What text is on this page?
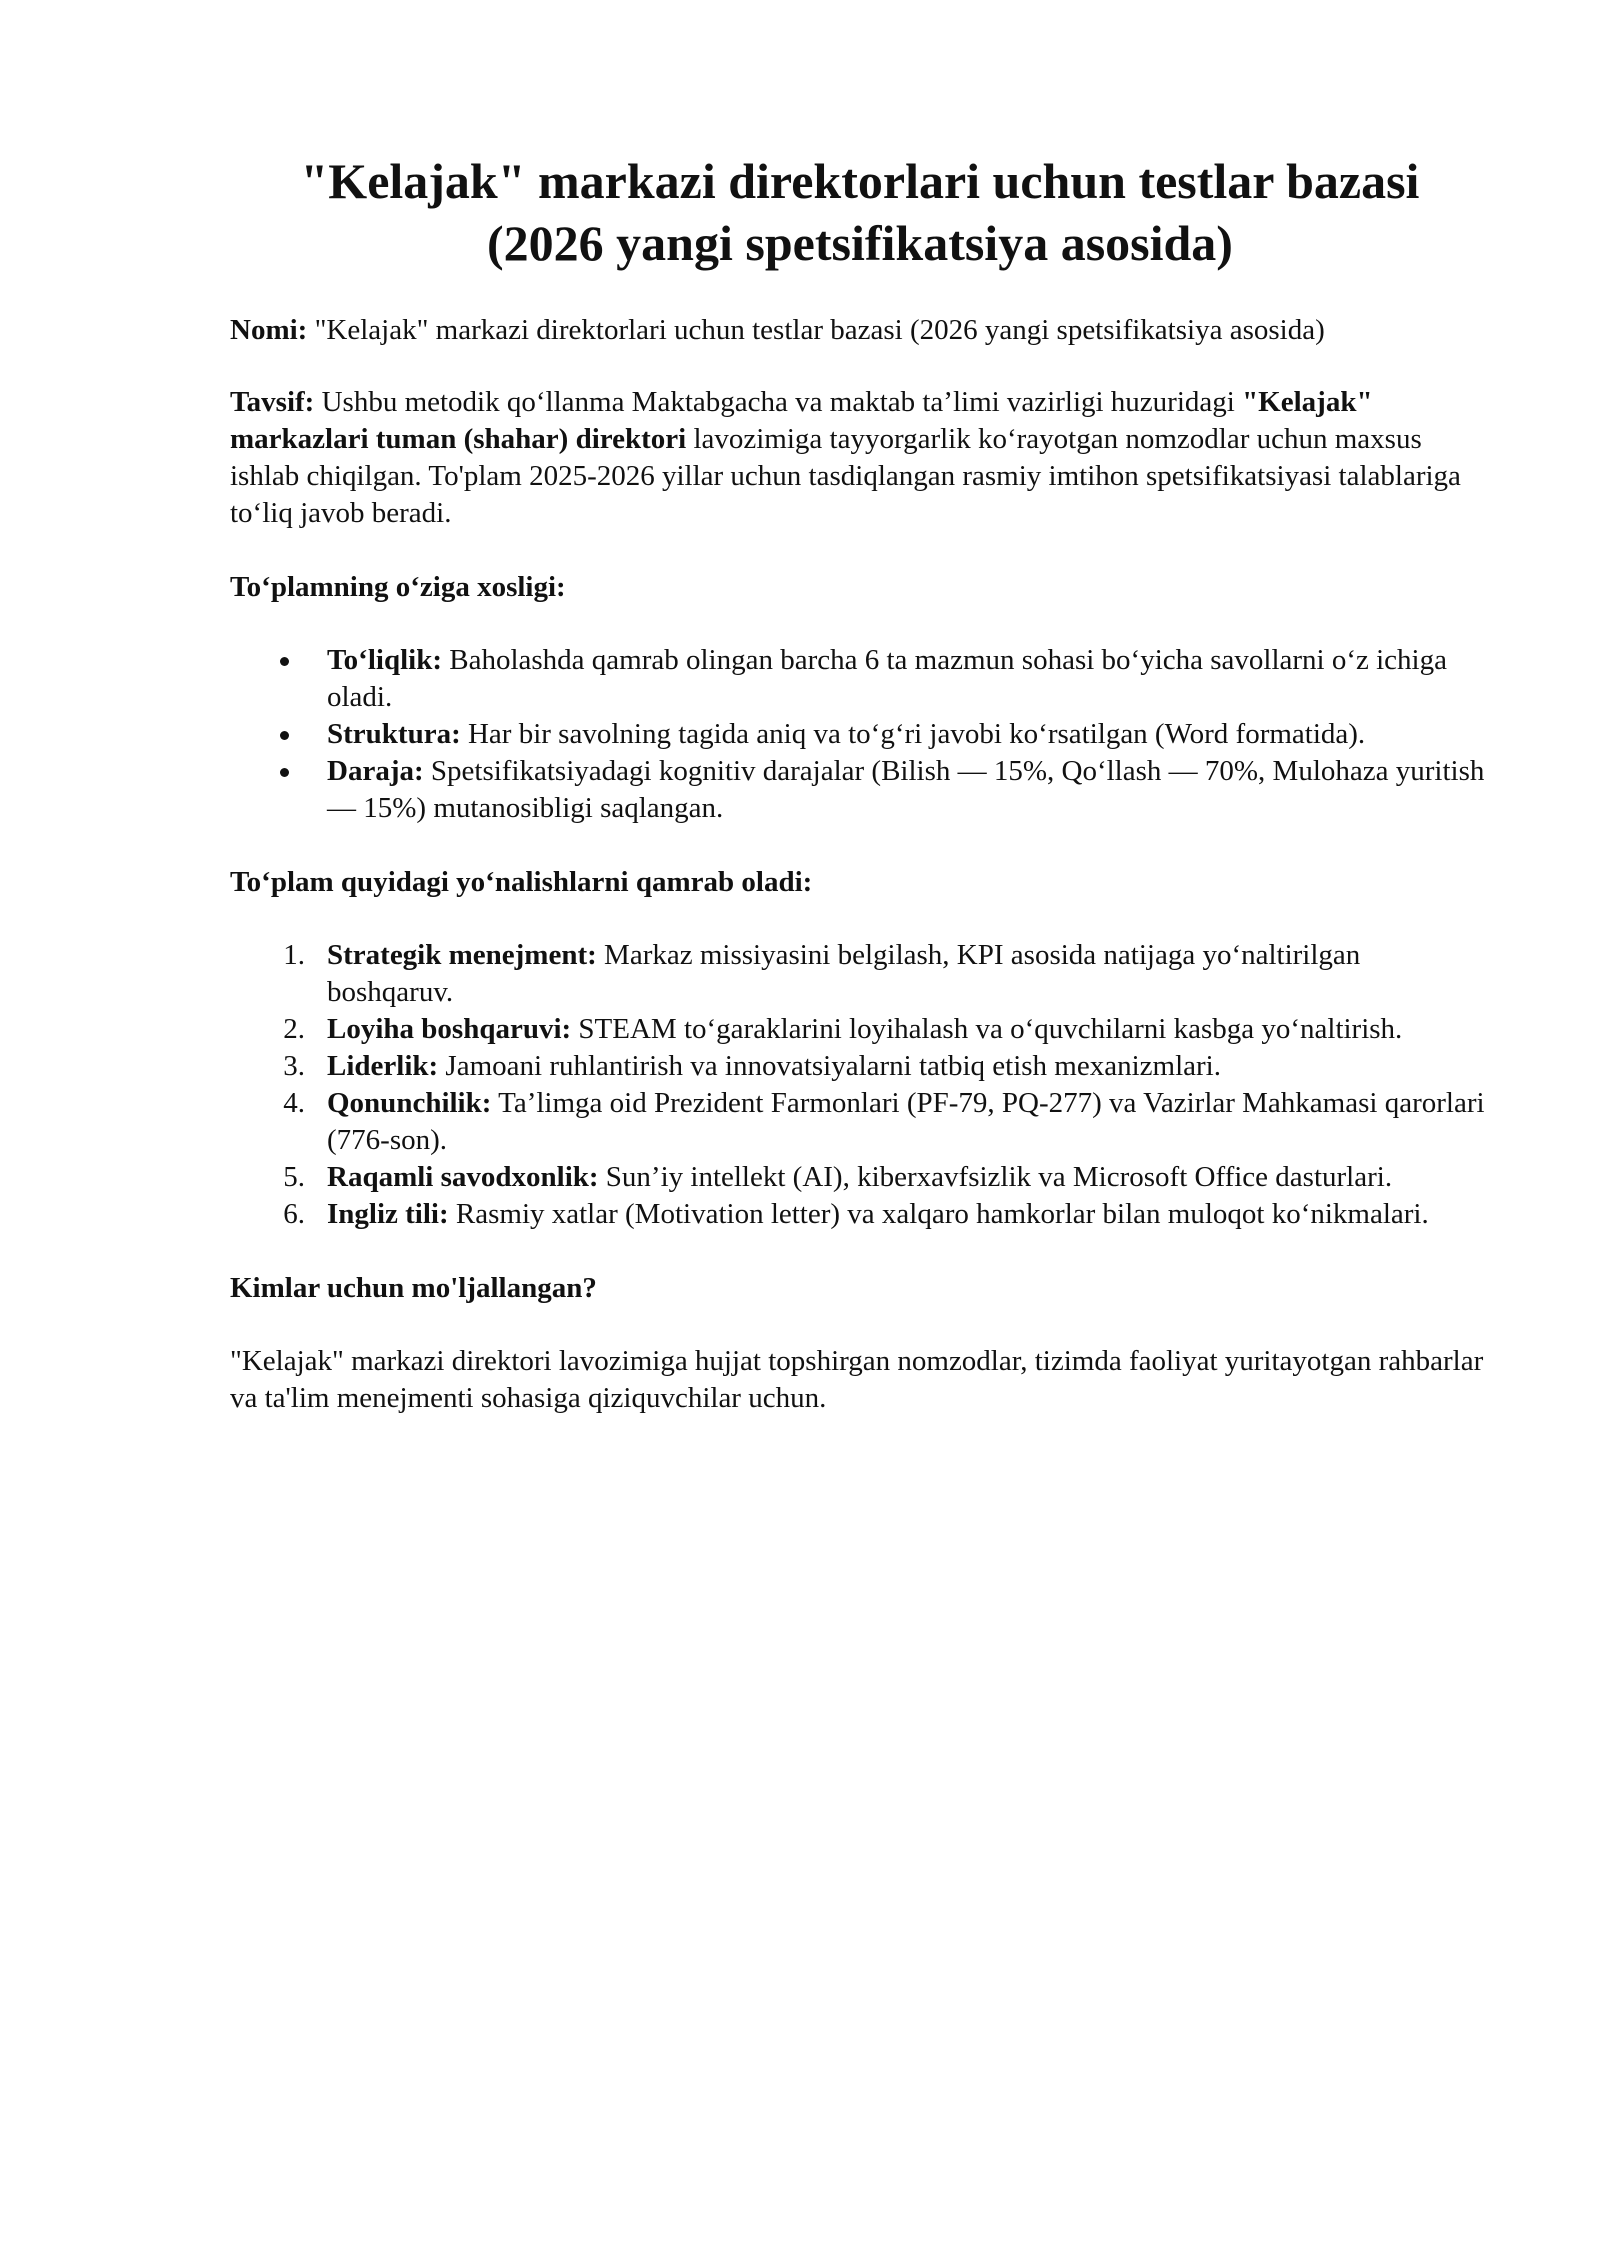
"Kelajak" markazi direktorlari uchun testlar bazasi
(2026 yangi spetsifikatsiya asosida)

Nomi: "Kelajak" markazi direktorlari uchun testlar bazasi (2026 yangi spetsifikatsiya asosida)

Tavsif: Ushbu metodik qo‘llanma Maktabgacha va maktab ta’limi vazirligi huzuridagi "Kelajak" markazlari tuman (shahar) direktori lavozimiga tayyorgarlik ko‘rayotgan nomzodlar uchun maxsus ishlab chiqilgan. To'plam 2025-2026 yillar uchun tasdiqlangan rasmiy imtihon spetsifikatsiyasi talablariga to‘liq javob beradi.

To‘plamning o‘ziga xosligi:

To‘liqlik: Baholashda qamrab olingan barcha 6 ta mazmun sohasi bo‘yicha savollarni o‘z ichiga oladi.
Struktura: Har bir savolning tagida aniq va to‘g‘ri javobi ko‘rsatilgan (Word formatida).
Daraja: Spetsifikatsiyadagi kognitiv darajalar (Bilish — 15%, Qo‘llash — 70%, Mulohaza yuritish — 15%) mutanosibligi saqlangan.

To‘plam quyidagi yo‘nalishlarni qamrab oladi:

1. Strategik menejment: Markaz missiyasini belgilash, KPI asosida natijaga yo‘naltirilgan boshqaruv.
2. Loyiha boshqaruvi: STEAM to‘garaklarini loyihalash va o‘quvchilarni kasbga yo‘naltirish.
3. Liderlik: Jamoani ruhlantirish va innovatsiyalarni tatbiq etish mexanizmlari.
4. Qonunchilik: Ta’limga oid Prezident Farmonlari (PF-79, PQ-277) va Vazirlar Mahkamasi qarorlari (776-son).
5. Raqamli savodxonlik: Sun’iy intellekt (AI), kiberxavfsizlik va Microsoft Office dasturlari.
6. Ingliz tili: Rasmiy xatlar (Motivation letter) va xalqaro hamkorlar bilan muloqot ko‘nikmalari.

Kimlar uchun mo'ljallangan?

"Kelajak" markazi direktori lavozimiga hujjat topshirgan nomzodlar, tizimda faoliyat yuritayotgan rahbarlar va ta'lim menejmenti sohasiga qiziquvchilar uchun.
